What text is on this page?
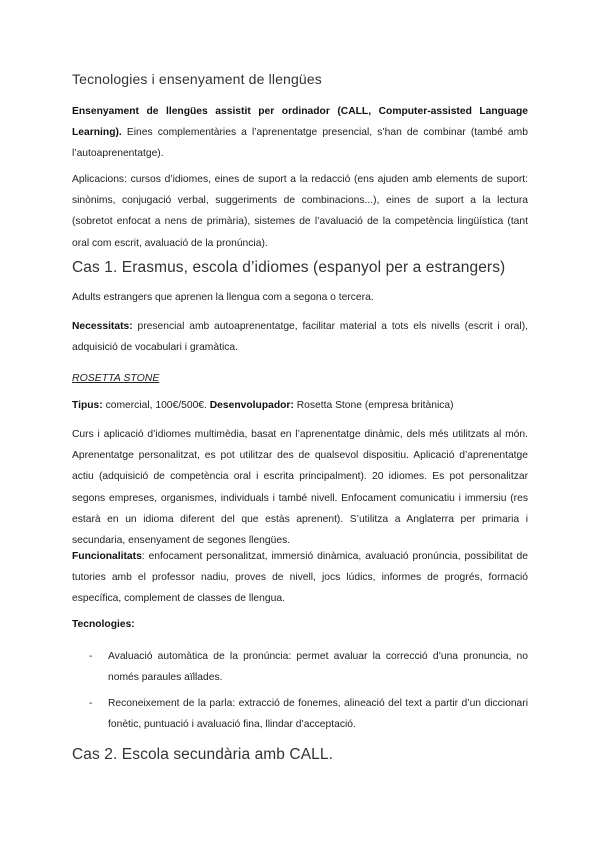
Tecnologies i ensenyament de llengües

Ensenyament de llengües assistit per ordinador (CALL, Computer-assisted Language Learning). Eines complementàries a l’aprenentatge presencial, s’han de combinar (també amb l’autoaprenentatge).

Aplicacions: cursos d’idiomes, eines de suport a la redacció (ens ajuden amb elements de suport: sinònims, conjugació verbal, suggeriments de combinacions...), eines de suport a la lectura (sobretot enfocat a nens de primària), sistemes de l’avaluació de la competència lingüística (tant oral com escrit, avaluació de la pronúncia).

Cas 1. Erasmus, escola d’idiomes (espanyol per a estrangers)

Adults estrangers que aprenen la llengua com a segona o tercera.

Necessitats: presencial amb autoaprenentatge, facilitar material a tots els nivells (escrit i oral), adquisició de vocabulari i gramàtica.

ROSETTA STONE

Tipus: comercial, 100€/500€. Desenvolupador: Rosetta Stone (empresa britànica)

Curs i aplicació d’idiomes multimèdia, basat en l’aprenentatge dinàmic, dels més utilitzats al món. Aprenentatge personalitzat, es pot utilitzar des de qualsevol dispositiu. Aplicació d’aprenentatge actiu (adquisició de competència oral i escrita principalment). 20 idiomes. Es pot personalitzar segons empreses, organismes, individuals i també nivell. Enfocament comunicatiu i immersiu (res estarà en un idioma diferent del que estàs aprenent). S’utilitza a Anglaterra per primaria i secundaria, ensenyament de segones llengües.

Funcionalitats: enfocament personalitzat, immersió dinàmica, avaluació pronúncia, possibilitat de tutories amb el professor nadiu, proves de nivell, jocs lúdics, informes de progrés, formació específica, complement de classes de llengua.

Tecnologies:

- Avaluació automàtica de la pronúncia: permet avaluar la correcció d’una pronuncia, no només paraules aïllades.

- Reconeixement de la parla: extracció de fonemes, alineació del text a partir d’un diccionari fonètic, puntuació i avaluació fina, llindar d’acceptació.

Cas 2. Escola secundària amb CALL.
